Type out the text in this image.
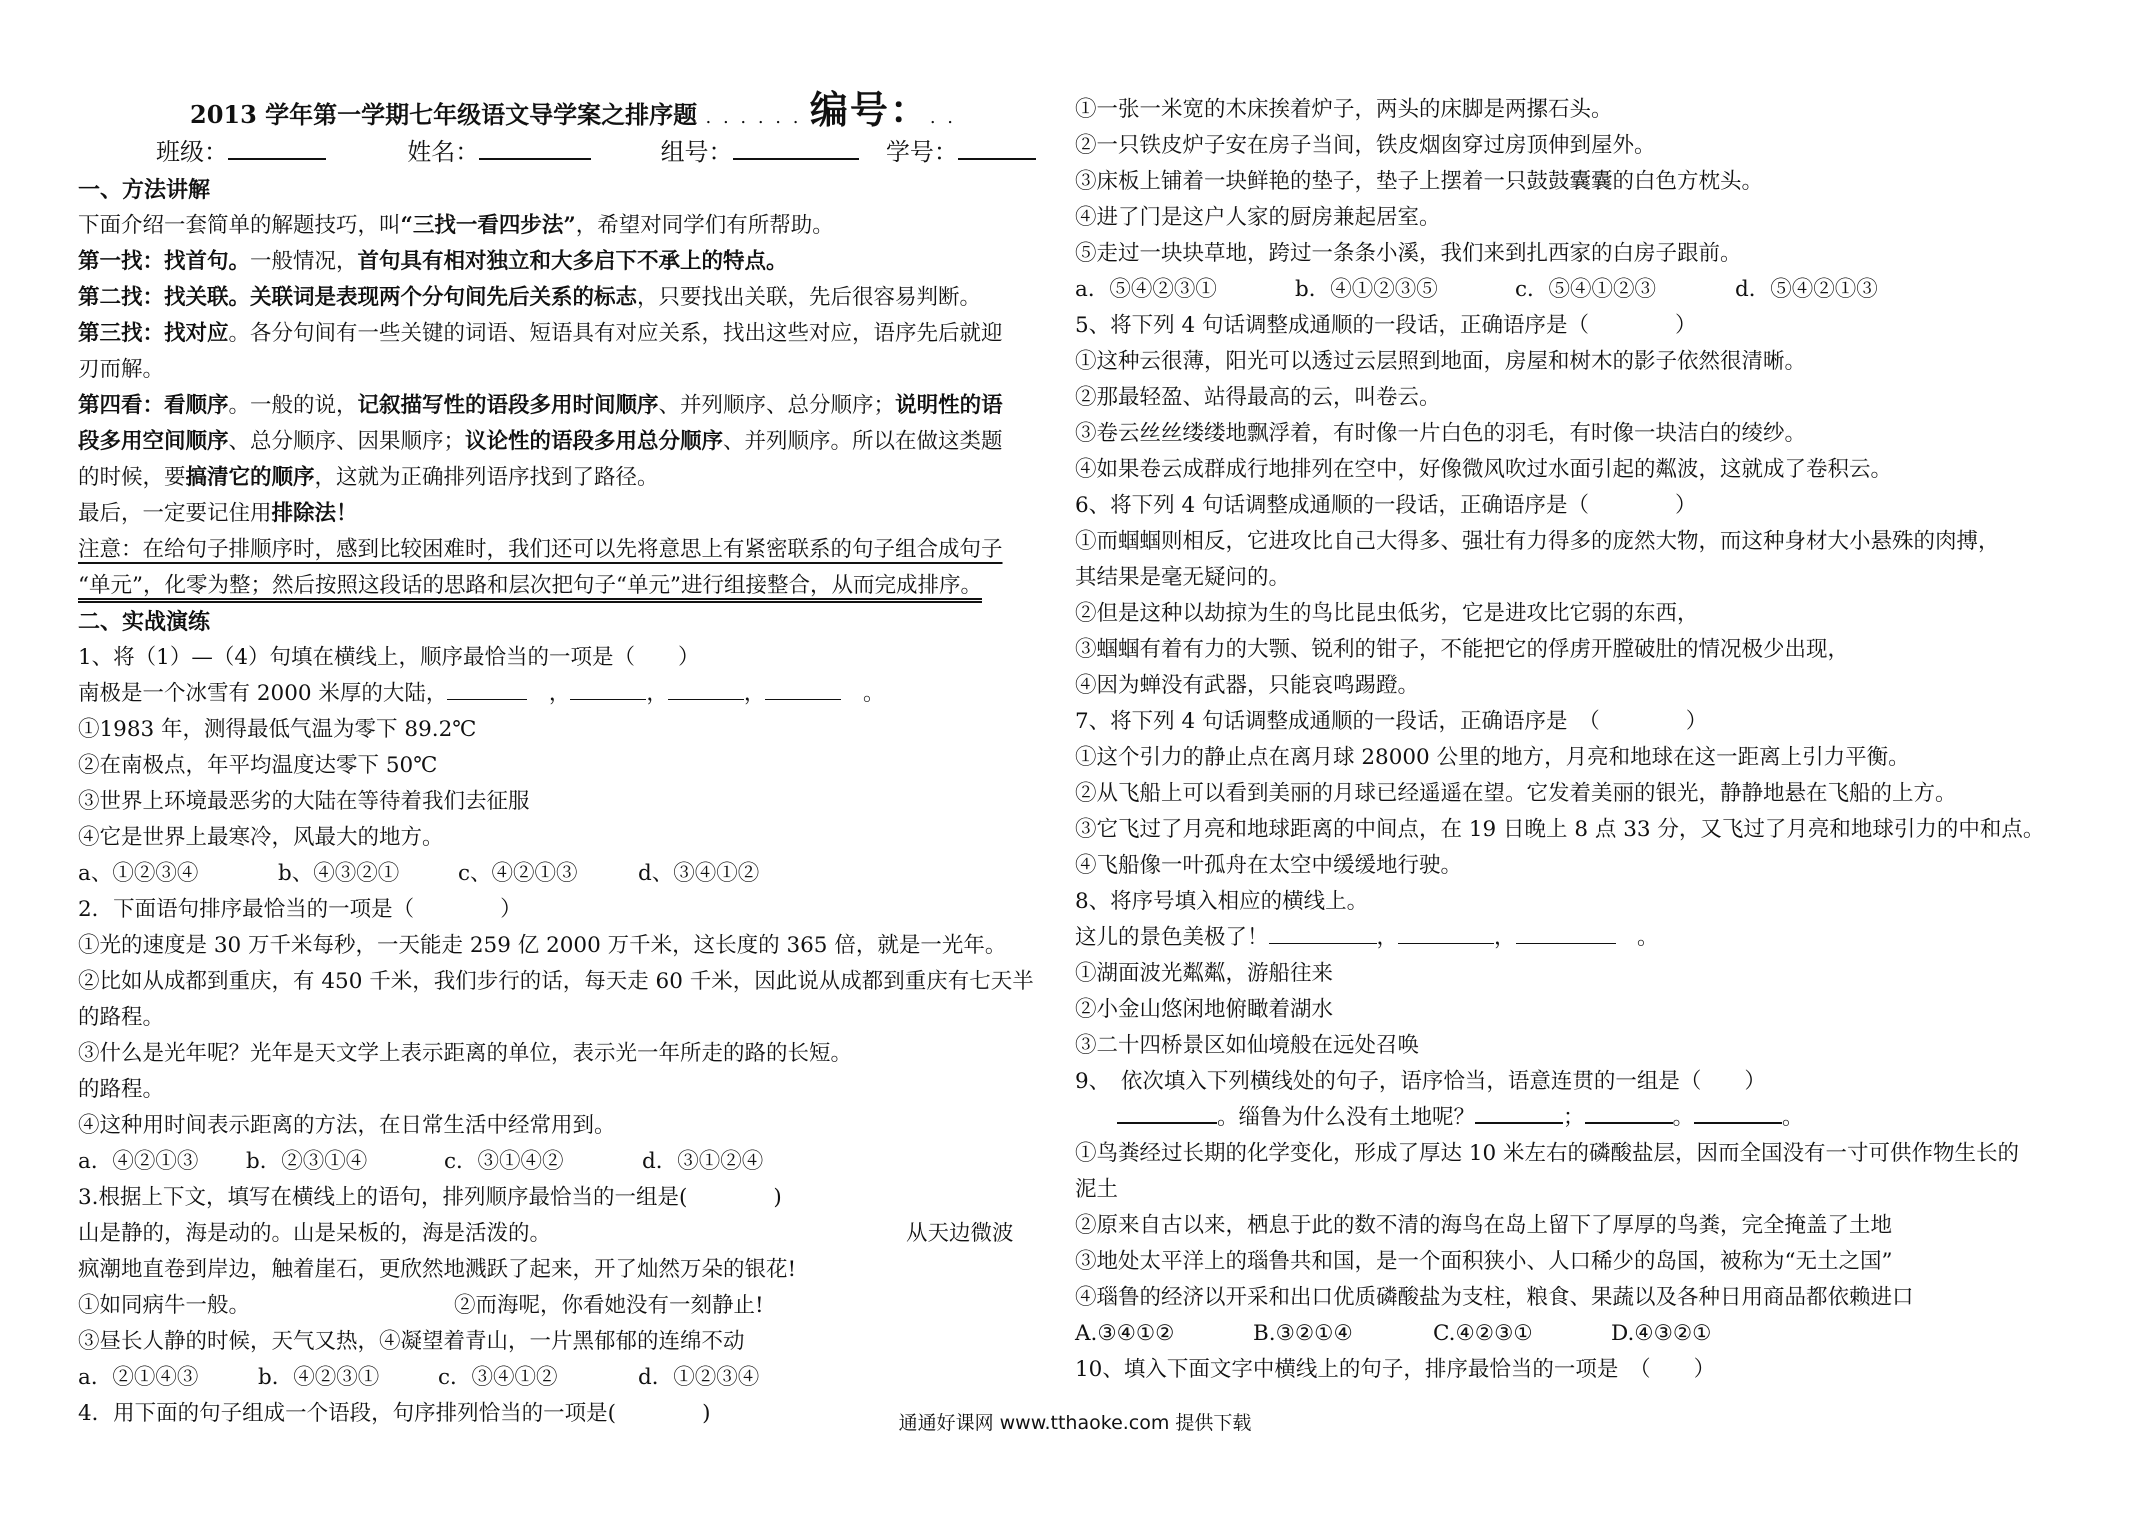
2013 学年第一学期七年级语文导学案之排序题 . . . . . . 编号：. .
班级：	姓名：	组号：	学号：
一、方法讲解
下面介绍一套简单的解题技巧，叫“三找一看四步法”，希望对同学们有所帮助。
第一找：找首句。一般情况，首句具有相对独立和大多启下不承上的特点。
第二找：找关联。关联词是表现两个分句间先后关系的标志，只要找出关联，先后很容易判断。
第三找：找对应。各分句间有一些关键的词语、短语具有对应关系，找出这些对应，语序先后就迎
刃而解。
第四看：看顺序。一般的说，记叙描写性的语段多用时间顺序、并列顺序、总分顺序；说明性的语
段多用空间顺序、总分顺序、因果顺序；议论性的语段多用总分顺序、并列顺序。所以在做这类题
的时候，要搞清它的顺序，这就为正确排列语序找到了路径。
最后，一定要记住用排除法！
注意：在给句子排顺序时，感到比较困难时，我们还可以先将意思上有紧密联系的句子组合成句子
“单元”，化零为整；然后按照这段话的思路和层次把句子“单元”进行组接整合，从而完成排序。
二、实战演练
1、将（1）—（4）句填在横线上，顺序最恰当的一项是（　　）
南极是一个冰雪有 2000 米厚的大陆，	　，	，	，	　。
①1983 年，测得最低气温为零下 89.2℃
②在南极点，年平均温度达零下 50℃
③世界上环境最恶劣的大陆在等待着我们去征服
④它是世界上最寒冷，风最大的地方。
a、①②③④	b、④③②①	c、④②①③	d、③④①②
2．下面语句排序最恰当的一项是（　　　　）
①光的速度是 30 万千米每秒，一天能走 259 亿 2000 万千米，这长度的 365 倍，就是一光年。
②比如从成都到重庆，有 450 千米，我们步行的话，每天走 60 千米，因此说从成都到重庆有七天半
的路程。
③什么是光年呢？光年是天文学上表示距离的单位，表示光一年所走的路的长短。
的路程。
④这种用时间表示距离的方法，在日常生活中经常用到。
a．④②①③ b．②③①④	c．③①④②	d．③①②④
3.根据上下文，填写在横线上的语句，排列顺序最恰当的一组是(　　　　)
山是静的，海是动的。山是呆板的，海是活泼的。	从天边微波
疯潮地直卷到岸边，触着崖石，更欣然地溅跃了起来，开了灿然万朵的银花!
①如同病牛一般。	②而海呢，你看她没有一刻静止!
③昼长人静的时候，天气又热，④凝望着青山，一片黑郁郁的连绵不动
a．②①④③	b．④②③①	c．③④①②	d．①②③④
4．用下面的句子组成一个语段，句序排列恰当的一项是(　　　　)
①一张一米宽的木床挨着炉子，两头的床脚是两摞石头。
②一只铁皮炉子安在房子当间，铁皮烟囱穿过房顶伸到屋外。
③床板上铺着一块鲜艳的垫子，垫子上摆着一只鼓鼓囊囊的白色方枕头。
④进了门是这户人家的厨房兼起居室。
⑤走过一块块草地，跨过一条条小溪，我们来到扎西家的白房子跟前。
a．⑤④②③①	b．④①②③⑤	c．⑤④①②③	d．⑤④②①③
5、将下列 4 句话调整成通顺的一段话，正确语序是（　　　　）
①这种云很薄，阳光可以透过云层照到地面，房屋和树木的影子依然很清晰。
②那最轻盈、站得最高的云，叫卷云。
③卷云丝丝缕缕地飘浮着，有时像一片白色的羽毛，有时像一块洁白的绫纱。
④如果卷云成群成行地排列在空中，好像微风吹过水面引起的粼波，这就成了卷积云。
6、将下列 4 句话调整成通顺的一段话，正确语序是（　　　　）
①而蝈蝈则相反，它进攻比自己大得多、强壮有力得多的庞然大物，而这种身材大小悬殊的肉搏，
其结果是毫无疑问的。
②但是这种以劫掠为生的鸟比昆虫低劣，它是进攻比它弱的东西，
③蝈蝈有着有力的大颚、锐利的钳子，不能把它的俘虏开膛破肚的情况极少出现，
④因为蝉没有武器，只能哀鸣踢蹬。
7、将下列 4 句话调整成通顺的一段话，正确语序是　（　　　　）
①这个引力的静止点在离月球 28000 公里的地方，月亮和地球在这一距离上引力平衡。
②从飞船上可以看到美丽的月球已经遥遥在望。它发着美丽的银光，静静地悬在飞船的上方。
③它飞过了月亮和地球距离的中间点，在 19 日晚上 8 点 33 分，又飞过了月亮和地球引力的中和点。
④飞船像一叶孤舟在太空中缓缓地行驶。
8、将序号填入相应的横线上。
这儿的景色美极了！	，	，	　。
①湖面波光粼粼，游船往来
②小金山悠闲地俯瞰着湖水
③二十四桥景区如仙境般在远处召唤
9、　依次填入下列横线处的句子，语序恰当，语意连贯的一组是（　　）
。缁鲁为什么没有土地呢？	；	。	。
①鸟粪经过长期的化学变化，形成了厚达 10 米左右的磷酸盐层，因而全国没有一寸可供作物生长的
泥土
②原来自古以来，栖息于此的数不清的海鸟在岛上留下了厚厚的鸟粪，完全掩盖了土地
③地处太平洋上的瑙鲁共和国，是一个面积狭小、人口稀少的岛国，被称为“无土之国”
④瑙鲁的经济以开采和出口优质磷酸盐为支柱，粮食、果蔬以及各种日用商品都依赖进口
A.③④①②	B.③②①④	C.④②③①	D.④③②①
10、填入下面文字中横线上的句子，排序最恰当的一项是　（　　）
通通好课网 www.tthaoke.com 提供下载
